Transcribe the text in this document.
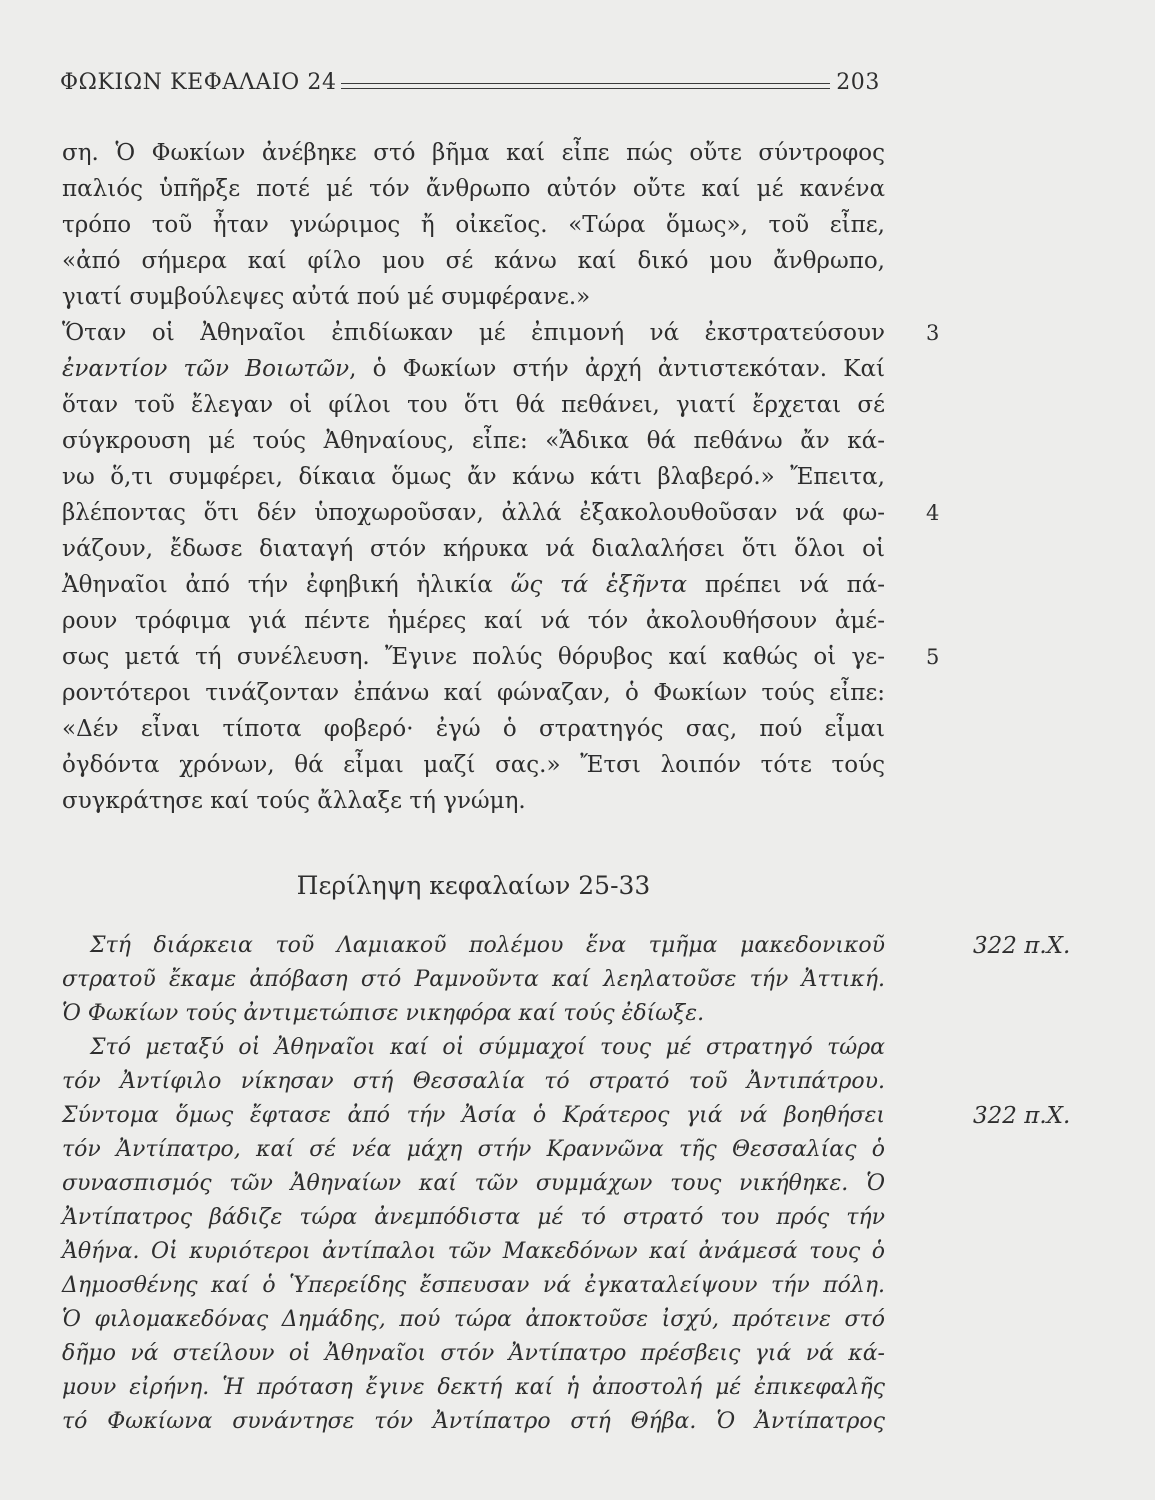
ΦΩΚΙΩΝ ΚΕΦΑΛΑΙΟ 24	203
ση. Ὁ Φωκίων ἀνέβηκε στό βῆμα καί εἶπε πώς οὔτε σύντροφος
παλιός ὑπῆρξε ποτέ μέ τόν ἄνθρωπο αὐτόν οὔτε καί μέ κανένα
τρόπο τοῦ ἦταν γνώριμος ἤ οἰκεῖος. «Τώρα ὅμως», τοῦ εἶπε,
«ἀπό σήμερα καί φίλο μου σέ κάνω καί δικό μου ἄνθρωπο,
γιατί συμβούλεψες αὐτά πού μέ συμφέρανε.»
Ὅταν οἱ Ἀθηναῖοι ἐπιδίωκαν μέ ἐπιμονή νά ἐκστρατεύσουν
ἐναντίον τῶν Βοιωτῶν, ὁ Φωκίων στήν ἀρχή ἀντιστεκόταν. Καί
ὅταν τοῦ ἔλεγαν οἱ φίλοι του ὅτι θά πεθάνει, γιατί ἔρχεται σέ
σύγκρουση μέ τούς Ἀθηναίους, εἶπε: «Ἄδικα θά πεθάνω ἄν κά-
νω ὅ,τι συμφέρει, δίκαια ὅμως ἄν κάνω κάτι βλαβερό.» Ἔπειτα,
βλέποντας ὅτι δέν ὑποχωροῦσαν, ἀλλά ἐξακολουθοῦσαν νά φω-
νάζουν, ἔδωσε διαταγή στόν κήρυκα νά διαλαλήσει ὅτι ὅλοι οἱ
Ἀθηναῖοι ἀπό τήν ἐφηβική ἡλικία ὥς τά ἑξῆντα πρέπει νά πά-
ρουν τρόφιμα γιά πέντε ἡμέρες καί νά τόν ἀκολουθήσουν ἀμέ-
σως μετά τή συνέλευση. Ἔγινε πολύς θόρυβος καί καθώς οἱ γε-
ροντότεροι τινάζονταν ἐπάνω καί φώναζαν, ὁ Φωκίων τούς εἶπε:
«Δέν εἶναι τίποτα φοβερό· ἐγώ ὁ στρατηγός σας, πού εἶμαι
ὀγδόντα χρόνων, θά εἶμαι μαζί σας.» Ἔτσι λοιπόν τότε τούς
συγκράτησε καί τούς ἄλλαξε τή γνώμη.
3
4
5
Περίληψη κεφαλαίων 25-33
Στή διάρκεια τοῦ Λαμιακοῦ πολέμου ἕνα τμῆμα μακεδονικοῦ
στρατοῦ ἔκαμε ἀπόβαση στό Ραμνοῦντα καί λεηλατοῦσε τήν Ἀττική.
Ὁ Φωκίων τούς ἀντιμετώπισε νικηφόρα καί τούς ἐδίωξε.
Στό μεταξύ οἱ Ἀθηναῖοι καί οἱ σύμμαχοί τους μέ στρατηγό τώρα
τόν Ἀντίφιλο νίκησαν στή Θεσσαλία τό στρατό τοῦ Ἀντιπάτρου.
Σύντομα ὅμως ἔφτασε ἀπό τήν Ἀσία ὁ Κράτερος γιά νά βοηθήσει
τόν Ἀντίπατρο, καί σέ νέα μάχη στήν Κραννῶνα τῆς Θεσσαλίας ὁ
συνασπισμός τῶν Ἀθηναίων καί τῶν συμμάχων τους νικήθηκε. Ὁ
Ἀντίπατρος βάδιζε τώρα ἀνεμπόδιστα μέ τό στρατό του πρός τήν
Ἀθήνα. Οἱ κυριότεροι ἀντίπαλοι τῶν Μακεδόνων καί ἀνάμεσά τους ὁ
Δημοσθένης καί ὁ Ὑπερείδης ἔσπευσαν νά ἐγκαταλείψουν τήν πόλη.
Ὁ φιλομακεδόνας Δημάδης, πού τώρα ἀποκτοῦσε ἰσχύ, πρότεινε στό
δῆμο νά στείλουν οἱ Ἀθηναῖοι στόν Ἀντίπατρο πρέσβεις γιά νά κά-
μουν εἰρήνη. Ἡ πρόταση ἔγινε δεκτή καί ἡ ἀποστολή μέ ἐπικεφαλῆς
τό Φωκίωνα συνάντησε τόν Ἀντίπατρο στή Θήβα. Ὁ Ἀντίπατρος
322 π.Χ.
322 π.Χ.
